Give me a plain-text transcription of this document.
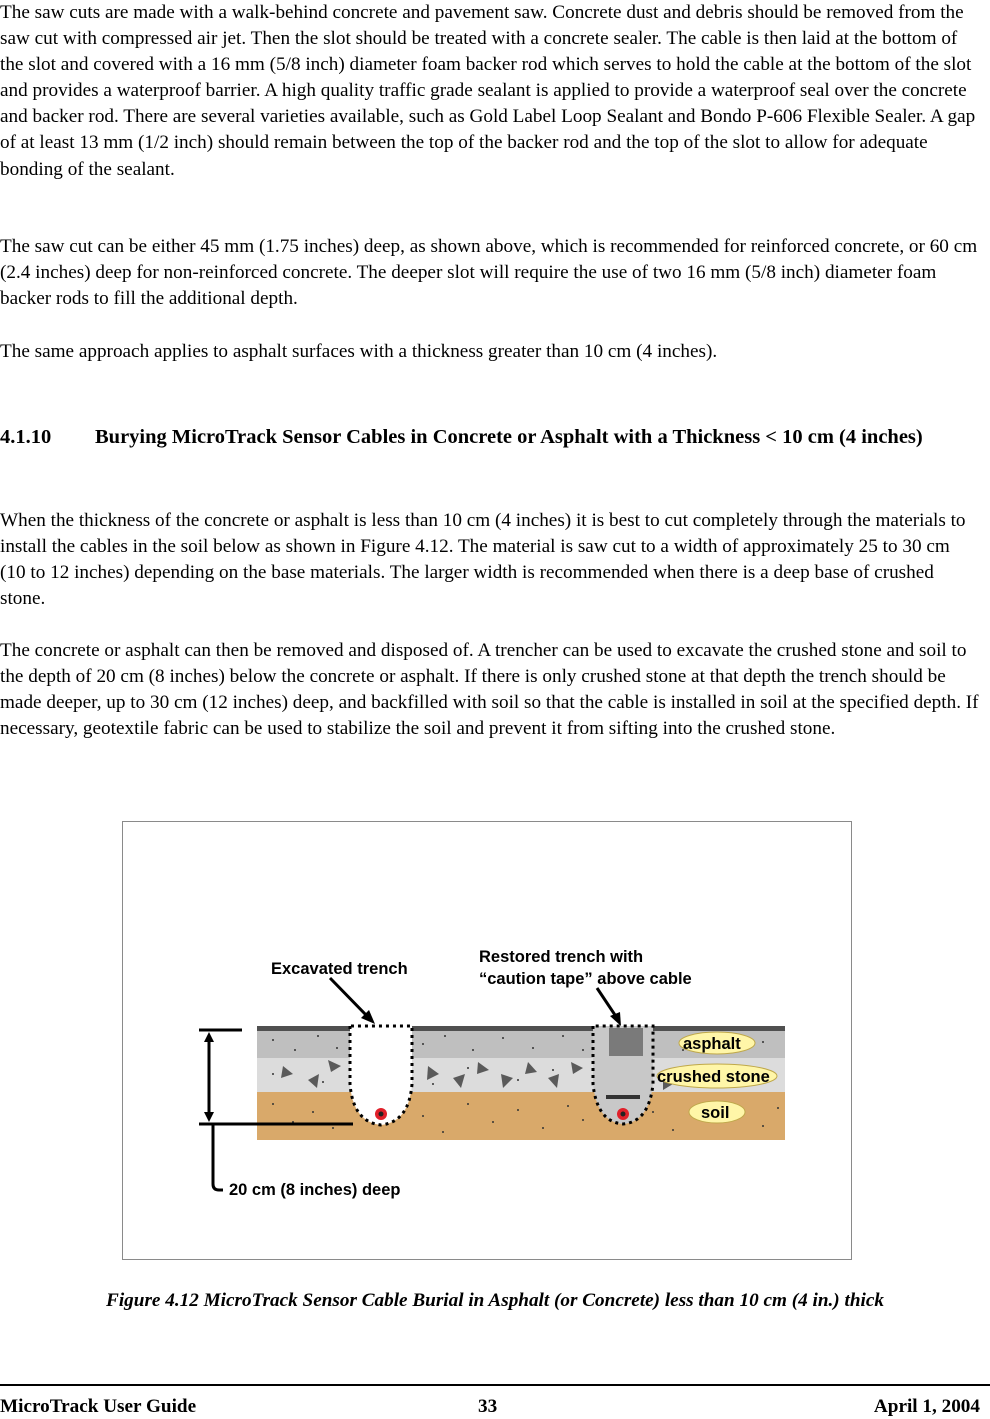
The saw cuts are made with a walk-behind concrete and pavement saw. Concrete dust and debris should be removed from the saw cut with compressed air jet. Then the slot should be treated with a concrete sealer. The cable is then laid at the bottom of the slot and covered with a 16 mm (5/8 inch) diameter foam backer rod which serves to hold the cable at the bottom of the slot and provides a waterproof barrier. A high quality traffic grade sealant is applied to provide a waterproof seal over the concrete and backer rod. There are several varieties available, such as Gold Label Loop Sealant and Bondo P-606 Flexible Sealer. A gap of at least 13 mm (1/2 inch) should remain between the top of the backer rod and the top of the slot to allow for adequate bonding of the sealant.

The saw cut can be either 45 mm (1.75 inches) deep, as shown above, which is recommended for reinforced concrete, or 60 cm (2.4 inches) deep for non-reinforced concrete. The deeper slot will require the use of two 16 mm (5/8 inch) diameter foam backer rods to fill the additional depth.

The same approach applies to asphalt surfaces with a thickness greater than 10 cm (4 inches).

4.1.10 Burying MicroTrack Sensor Cables in Concrete or Asphalt with a Thickness < 10 cm (4 inches)

When the thickness of the concrete or asphalt is less than 10 cm (4 inches) it is best to cut completely through the materials to install the cables in the soil below as shown in Figure 4.12. The material is saw cut to a width of approximately 25 to 30 cm (10 to 12 inches) depending on the base materials. The larger width is recommended when there is a deep base of crushed stone.

The concrete or asphalt can then be removed and disposed of. A trencher can be used to excavate the crushed stone and soil to the depth of 20 cm (8 inches) below the concrete or asphalt. If there is only crushed stone at that depth the trench should be made deeper, up to 30 cm (12 inches) deep, and backfilled with soil so that the cable is installed in soil at the specified depth. If necessary, geotextile fabric can be used to stabilize the soil and prevent it from sifting into the crushed stone.

Excavated trench
Restored trench with
“caution tape” above cable
asphalt
crushed stone
soil
20 cm (8 inches) deep
Figure 4.12 MicroTrack Sensor Cable Burial in Asphalt (or Concrete) less than 10 cm (4 in.) thick
MicroTrack User Guide	33	April 1, 2004
